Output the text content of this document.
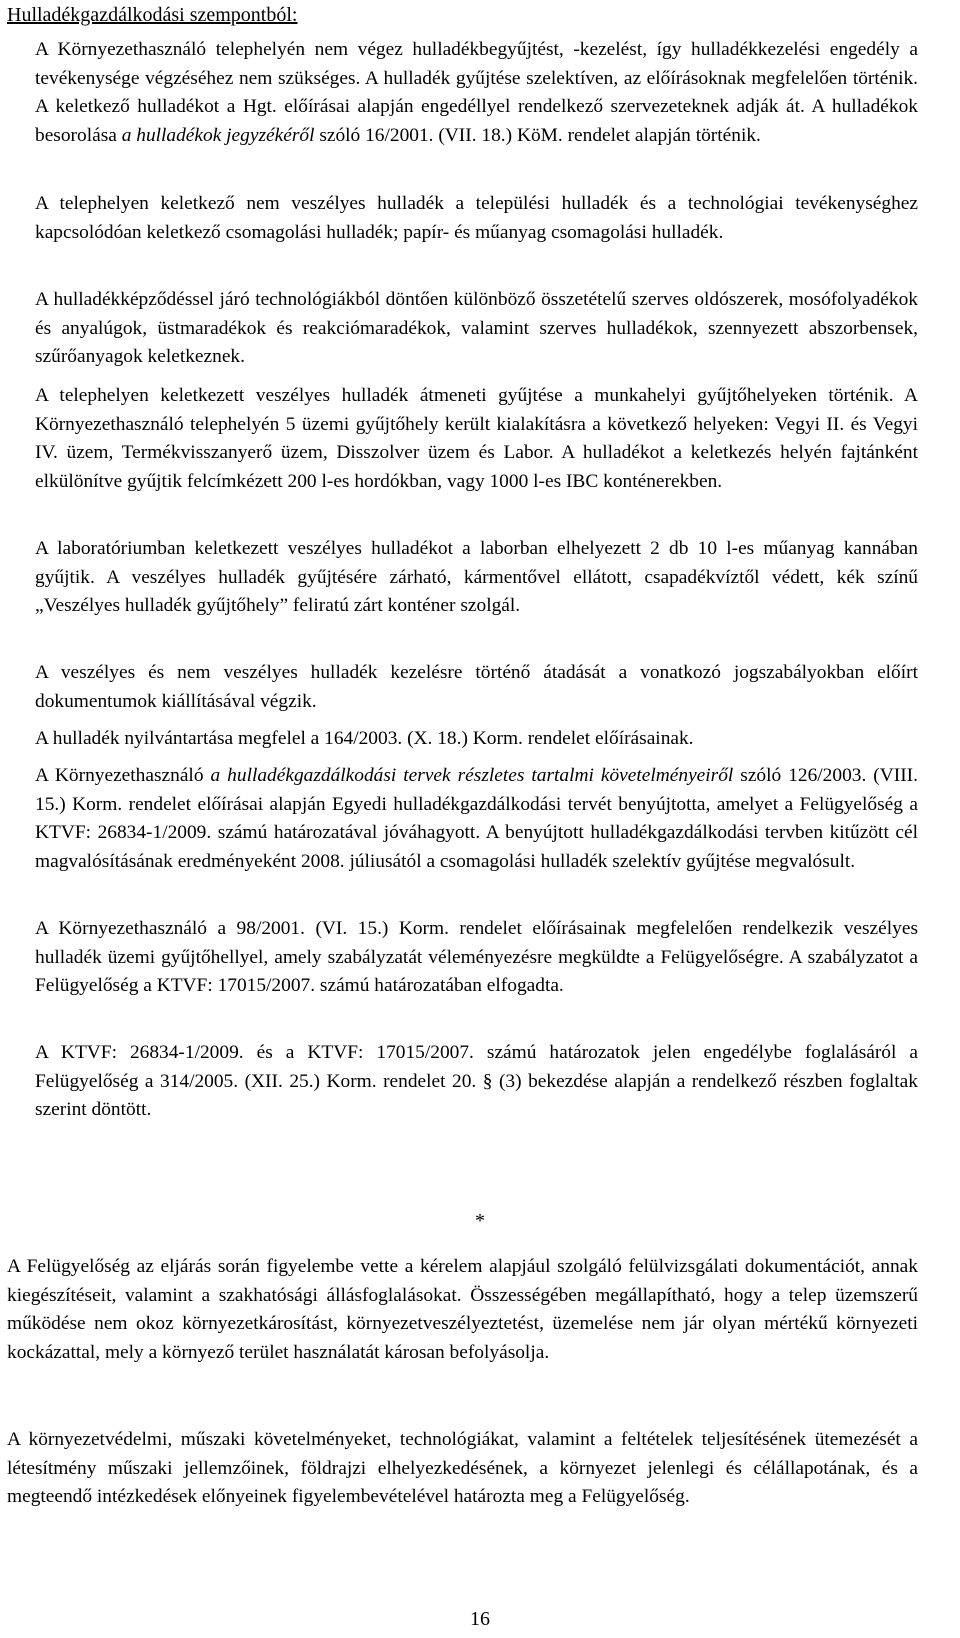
Hulladékgazdálkodási szempontból:
A Környezethasználó telephelyén nem végez hulladékbegyűjtést, -kezelést, így hulladékkezelési engedély a tevékenysége végzéséhez nem szükséges. A hulladék gyűjtése szelektíven, az előírásoknak megfelelően történik. A keletkező hulladékot a Hgt. előírásai alapján engedéllyel rendelkező szervezeteknek adják át. A hulladékok besorolása a hulladékok jegyzékéről szóló 16/2001. (VII. 18.) KöM. rendelet alapján történik.
A telephelyen keletkező nem veszélyes hulladék a települési hulladék és a technológiai tevékenységhez kapcsolódóan keletkező csomagolási hulladék; papír- és műanyag csomagolási hulladék.
A hulladékképződéssel járó technológiákból döntően különböző összetételű szerves oldószerek, mosófolyadékok és anyalúgok, üstmaradékok és reakciómaradékok, valamint szerves hulladékok, szennyezett abszorbensek, szűrőanyagok keletkeznek.
A telephelyen keletkezett veszélyes hulladék átmeneti gyűjtése a munkahelyi gyűjtőhelyeken történik. A Környezethasználó telephelyén 5 üzemi gyűjtőhely került kialakításra a következő helyeken: Vegyi II. és Vegyi IV. üzem, Termékvisszanyerő üzem, Disszolver üzem és Labor. A hulladékot a keletkezés helyén fajtánként elkülönítve gyűjtik felcímkézett 200 l-es hordókban, vagy 1000 l-es IBC konténerekben.
A laboratóriumban keletkezett veszélyes hulladékot a laborban elhelyezett 2 db 10 l-es műanyag kannában gyűjtik. A veszélyes hulladék gyűjtésére zárható, kármentővel ellátott, csapadékvíztől védett, kék színű „Veszélyes hulladék gyűjtőhely” feliratú zárt konténer szolgál.
A veszélyes és nem veszélyes hulladék kezelésre történő átadását a vonatkozó jogszabályokban előírt dokumentumok kiállításával végzik.
A hulladék nyilvántartása megfelel a 164/2003. (X. 18.) Korm. rendelet előírásainak.
A Környezethasználó a hulladékgazdálkodási tervek részletes tartalmi követelményeiről szóló 126/2003. (VIII. 15.) Korm. rendelet előírásai alapján Egyedi hulladékgazdálkodási tervét benyújtotta, amelyet a Felügyelőség a KTVF: 26834-1/2009. számú határozatával jóváhagyott. A benyújtott hulladékgazdálkodási tervben kitűzött cél magvalósításának eredményeként 2008. júliusától a csomagolási hulladék szelektív gyűjtése megvalósult.
A Környezethasználó a 98/2001. (VI. 15.) Korm. rendelet előírásainak megfelelően rendelkezik veszélyes hulladék üzemi gyűjtőhellyel, amely szabályzatát véleményezésre megküldte a Felügyelőségre. A szabályzatot a Felügyelőség a KTVF: 17015/2007. számú határozatában elfogadta.
A KTVF: 26834-1/2009. és a KTVF: 17015/2007. számú határozatok jelen engedélybe foglalásáról a Felügyelőség a 314/2005. (XII. 25.) Korm. rendelet 20. § (3) bekezdése alapján a rendelkező részben foglaltak szerint döntött.
*
A Felügyelőség az eljárás során figyelembe vette a kérelem alapjául szolgáló felülvizsgálati dokumentációt, annak kiegészítéseit, valamint a szakhatósági állásfoglalásokat. Összességében megállapítható, hogy a telep üzemszerű működése nem okoz környezetkárosítást, környezetveszélyeztetést, üzemelése nem jár olyan mértékű környezeti kockázattal, mely a környező terület használatát károsan befolyásolja.
A környezetvédelmi, műszaki követelményeket, technológiákat, valamint a feltételek teljesítésének ütemezését a létesítmény műszaki jellemzőinek, földrajzi elhelyezkedésének, a környezet jelenlegi és célállapotának, és a megteendő intézkedések előnyeinek figyelembevételével határozta meg a Felügyelőség.
16
